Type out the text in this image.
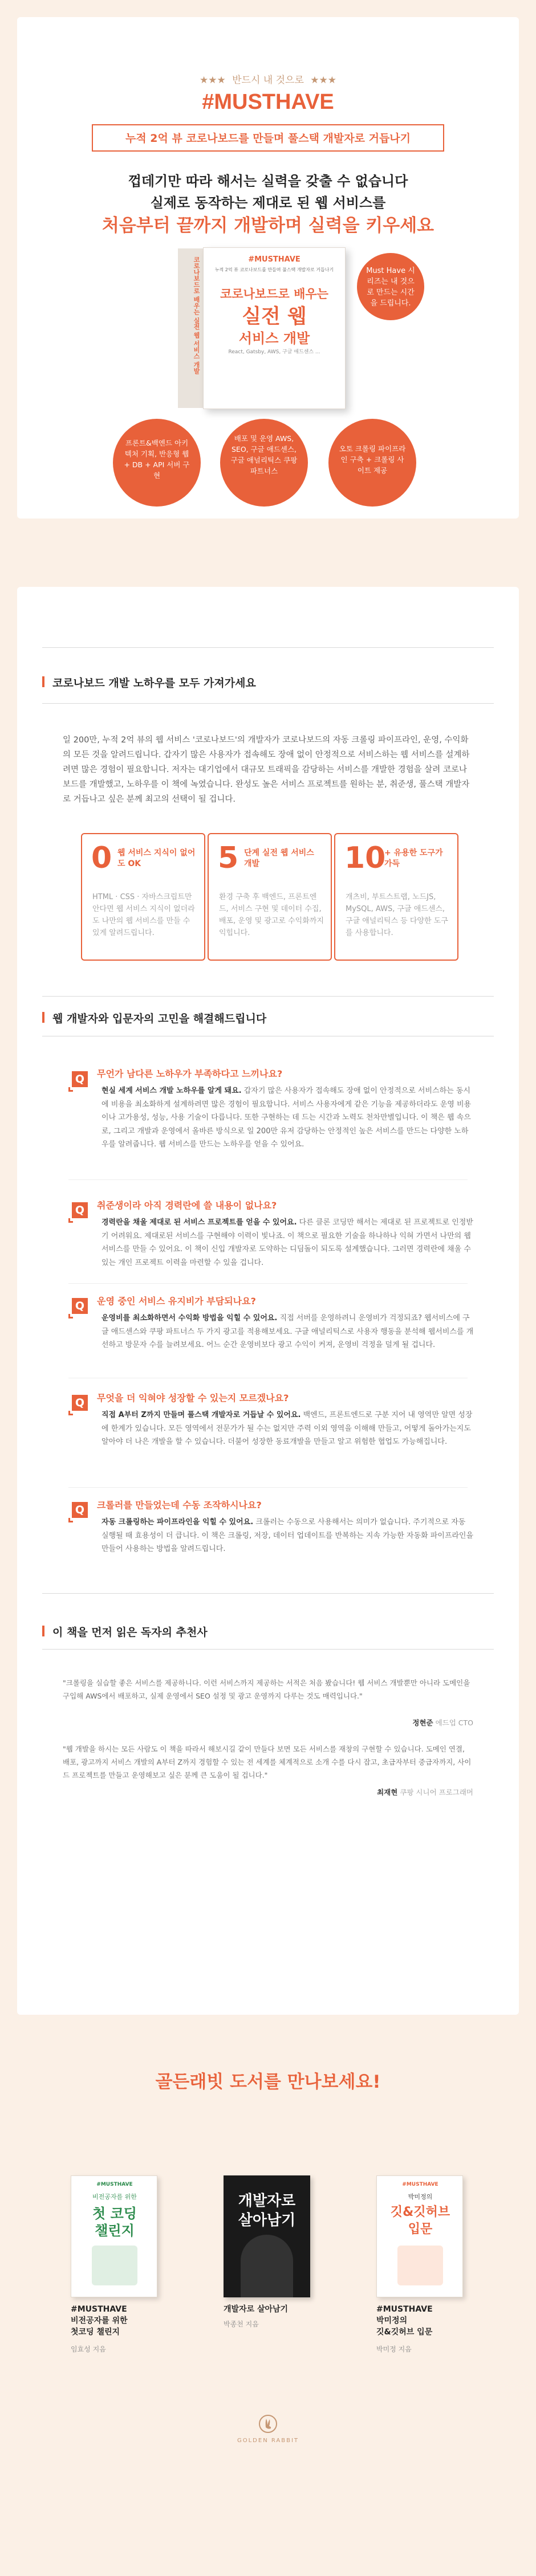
★★★ 반드시 내 것으로 ★★★
#MUSTHAVE
누적 2억 뷰 코로나보드를 만들며 풀스택 개발자로 거듭나기
껍데기만 따라 해서는 실력을 갖출 수 없습니다
실제로 동작하는 제대로 된 웹 서비스를
처음부터 끝까지 개발하며 실력을 키우세요
코로나보드로 배우는 실전 웹 서비스 개발	#MUSTHAVE
누적 2억 뷰 코로나보드를 만들며 풀스택 개발자로 거듭나기
코로나보드로 배우는
실전 웹
서비스 개발
React, Gatsby, AWS, 구글 애드센스 ...
Must Have 시리즈는 내 것으로 만드는 시간을 드립니다.
프론트&백엔드 아키텍처 기획, 반응형 웹 + DB + API 서버 구현
배포 및 운영 AWS, SEO, 구글 애드센스, 구글 애널리틱스 쿠팡 파트너스
오토 크롤링 파이프라인 구축 + 크롤링 사이트 제공
코로나보드 개발 노하우를 모두 가져가세요
일 200만, 누적 2억 뷰의 웹 서비스 '코로나보드'의 개발자가 코로나보드의 자동 크롤링 파이프라인, 운영, 수익화의 모든 것을 알려드립니다. 갑자기 많은 사용자가 접속해도 장애 없이 안정적으로 서비스하는 웹 서비스를 설계하려면 많은 경험이 필요합니다. 저자는 대기업에서 대규모 트래픽을 감당하는 서비스를 개발한 경험을 살려 코로나보드를 개발했고, 노하우를 이 책에 녹였습니다. 완성도 높은 서비스 프로젝트를 원하는 분, 취준생, 풀스택 개발자로 거듭나고 싶은 분께 최고의 선택이 될 겁니다.
0 웹 서비스 지식이 없어도 OK
HTML · CSS · 자바스크립트만 안다면 웹 서비스 지식이 없더라도 나만의 웹 서비스를 만들 수 있게 알려드립니다.
5 단계 실전 웹 서비스 개발
환경 구축 후 백엔드, 프론트엔드, 서비스 구현 및 데이터 수집, 배포, 운영 및 광고로 수익화까지 익힙니다.
10
+ 유용한 도구가 가득
개츠비, 부트스트랩, 노드JS, MySQL, AWS, 구글 애드센스, 구글 애널리틱스 등 다양한 도구를 사용합니다.
웹 개발자와 입문자의 고민을 해결해드립니다
Q	무언가 남다른 노하우가 부족하다고 느끼나요?
현실 세계 서비스 개발 노하우를 알게 돼요. 갑자기 많은 사용자가 접속해도 장애 없이 안정적으로 서비스하는 동시에 비용을 최소화하게 설계하려면 많은 경험이 필요합니다. 서비스 사용자에게 같은 기능을 제공하더라도 운영 비용이나 고가용성, 성능, 사용 기술이 다릅니다. 또한 구현하는 데 드는 시간과 노력도 천차만별입니다. 이 책은 웹 속으로, 그리고 개발과 운영에서 올바른 방식으로 일 200만 유저 감당하는 안정적인 높은 서비스를 만드는 다양한 노하우를 알려줍니다. 웹 서비스를 만드는 노하우를 얻을 수 있어요.
Q	취준생이라 아직 경력란에 쓸 내용이 없나요?
경력란을 채울 제대로 된 서비스 프로젝트를 얻을 수 있어요. 다른 클론 코딩만 해서는 제대로 된 프로젝트로 인정받기 어려워요. 제대로된 서비스를 구현해야 이력이 빛나죠. 이 책으로 필요한 기술을 하나하나 익혀 가면서 나만의 웹 서비스를 만들 수 있어요. 이 책이 신입 개발자로 도약하는 디딤돌이 되도록 설계했습니다. 그러면 경력란에 채울 수 있는 개인 프로젝트 이력을 마련할 수 있을 겁니다.
Q	운영 중인 서비스 유지비가 부담되나요?
운영비를 최소화하면서 수익화 방법을 익힐 수 있어요. 직접 서버를 운영하려니 운영비가 걱정되죠? 웹서비스에 구글 애드센스와 쿠팡 파트너스 두 가지 광고를 적용해보세요. 구글 애널리틱스로 사용자 행동을 분석해 웹서비스를 개선하고 방문자 수를 늘려보세요. 어느 순간 운영비보다 광고 수익이 커져, 운영비 걱정을 덜게 될 겁니다.
Q	무엇을 더 익혀야 성장할 수 있는지 모르겠나요?
직접 A부터 Z까지 만들며 풀스택 개발자로 거듭날 수 있어요. 백엔드, 프론트엔드로 구분 지어 내 영역만 알면 성장에 한계가 있습니다. 모든 영역에서 전문가가 될 수는 없지만 주력 이외 영역을 이해해 만들고, 어떻게 돌아가는지도 알아야 더 나은 개발을 할 수 있습니다. 더불어 성장한 동료개발을 만들고 알고 위험한 협업도 가능해집니다.
Q	크롤러를 만들었는데 수동 조작하시나요?
자동 크롤링하는 파이프라인을 익힐 수 있어요. 크롤러는 수동으로 사용해서는 의미가 없습니다. 주기적으로 자동 실행될 때 효용성이 더 큽니다. 이 책은 크롤링, 저장, 데이터 업데이트를 반복하는 지속 가능한 자동화 파이프라인을 만들어 사용하는 방법을 알려드립니다.
이 책을 먼저 읽은 독자의 추천사
"크롤링을 실습할 좋은 서비스를 제공하니다. 이런 서비스까지 제공하는 서적은 처음 봤습니다! 웹 서비스 개발뿐만 아니라 도메인을 구입해 AWS에서 배포하고, 실제 운영에서 SEO 설정 및 광고 운영까지 다루는 것도 매력입니다."
정현준 에드업 CTO
"웹 개발을 하시는 모든 사람도 이 책을 따라서 해보시길 같이 만들다 보면 모든 서비스를 재창의 구현할 수 있습니다. 도메인 연결, 배포, 광고까지 서비스 개발의 A부터 Z까지 경험할 수 있는 전 세계를 체계적으로 소개 수를 다시 잡고, 초급자부터 중급자까지, 사이드 프로젝트를 만들고 운영해보고 싶은 분께 큰 도움이 될 겁니다."
최재현 쿠팡 시니어 프로그래머
골든래빗 도서를 만나보세요!
#MUSTHAVE
비전공자를 위한
첫 코딩
챌린지
#MUSTHAVE
비전공자를 위한
첫코딩 챌린지
임효성 지음
개발자로
살아남기
개발자로 살아남기
박종천 지음
#MUSTHAVE
박미정의
깃&깃허브
입문
#MUSTHAVE
박미정의
깃&깃허브 입문
박미정 지음
GOLDEN RABBIT
